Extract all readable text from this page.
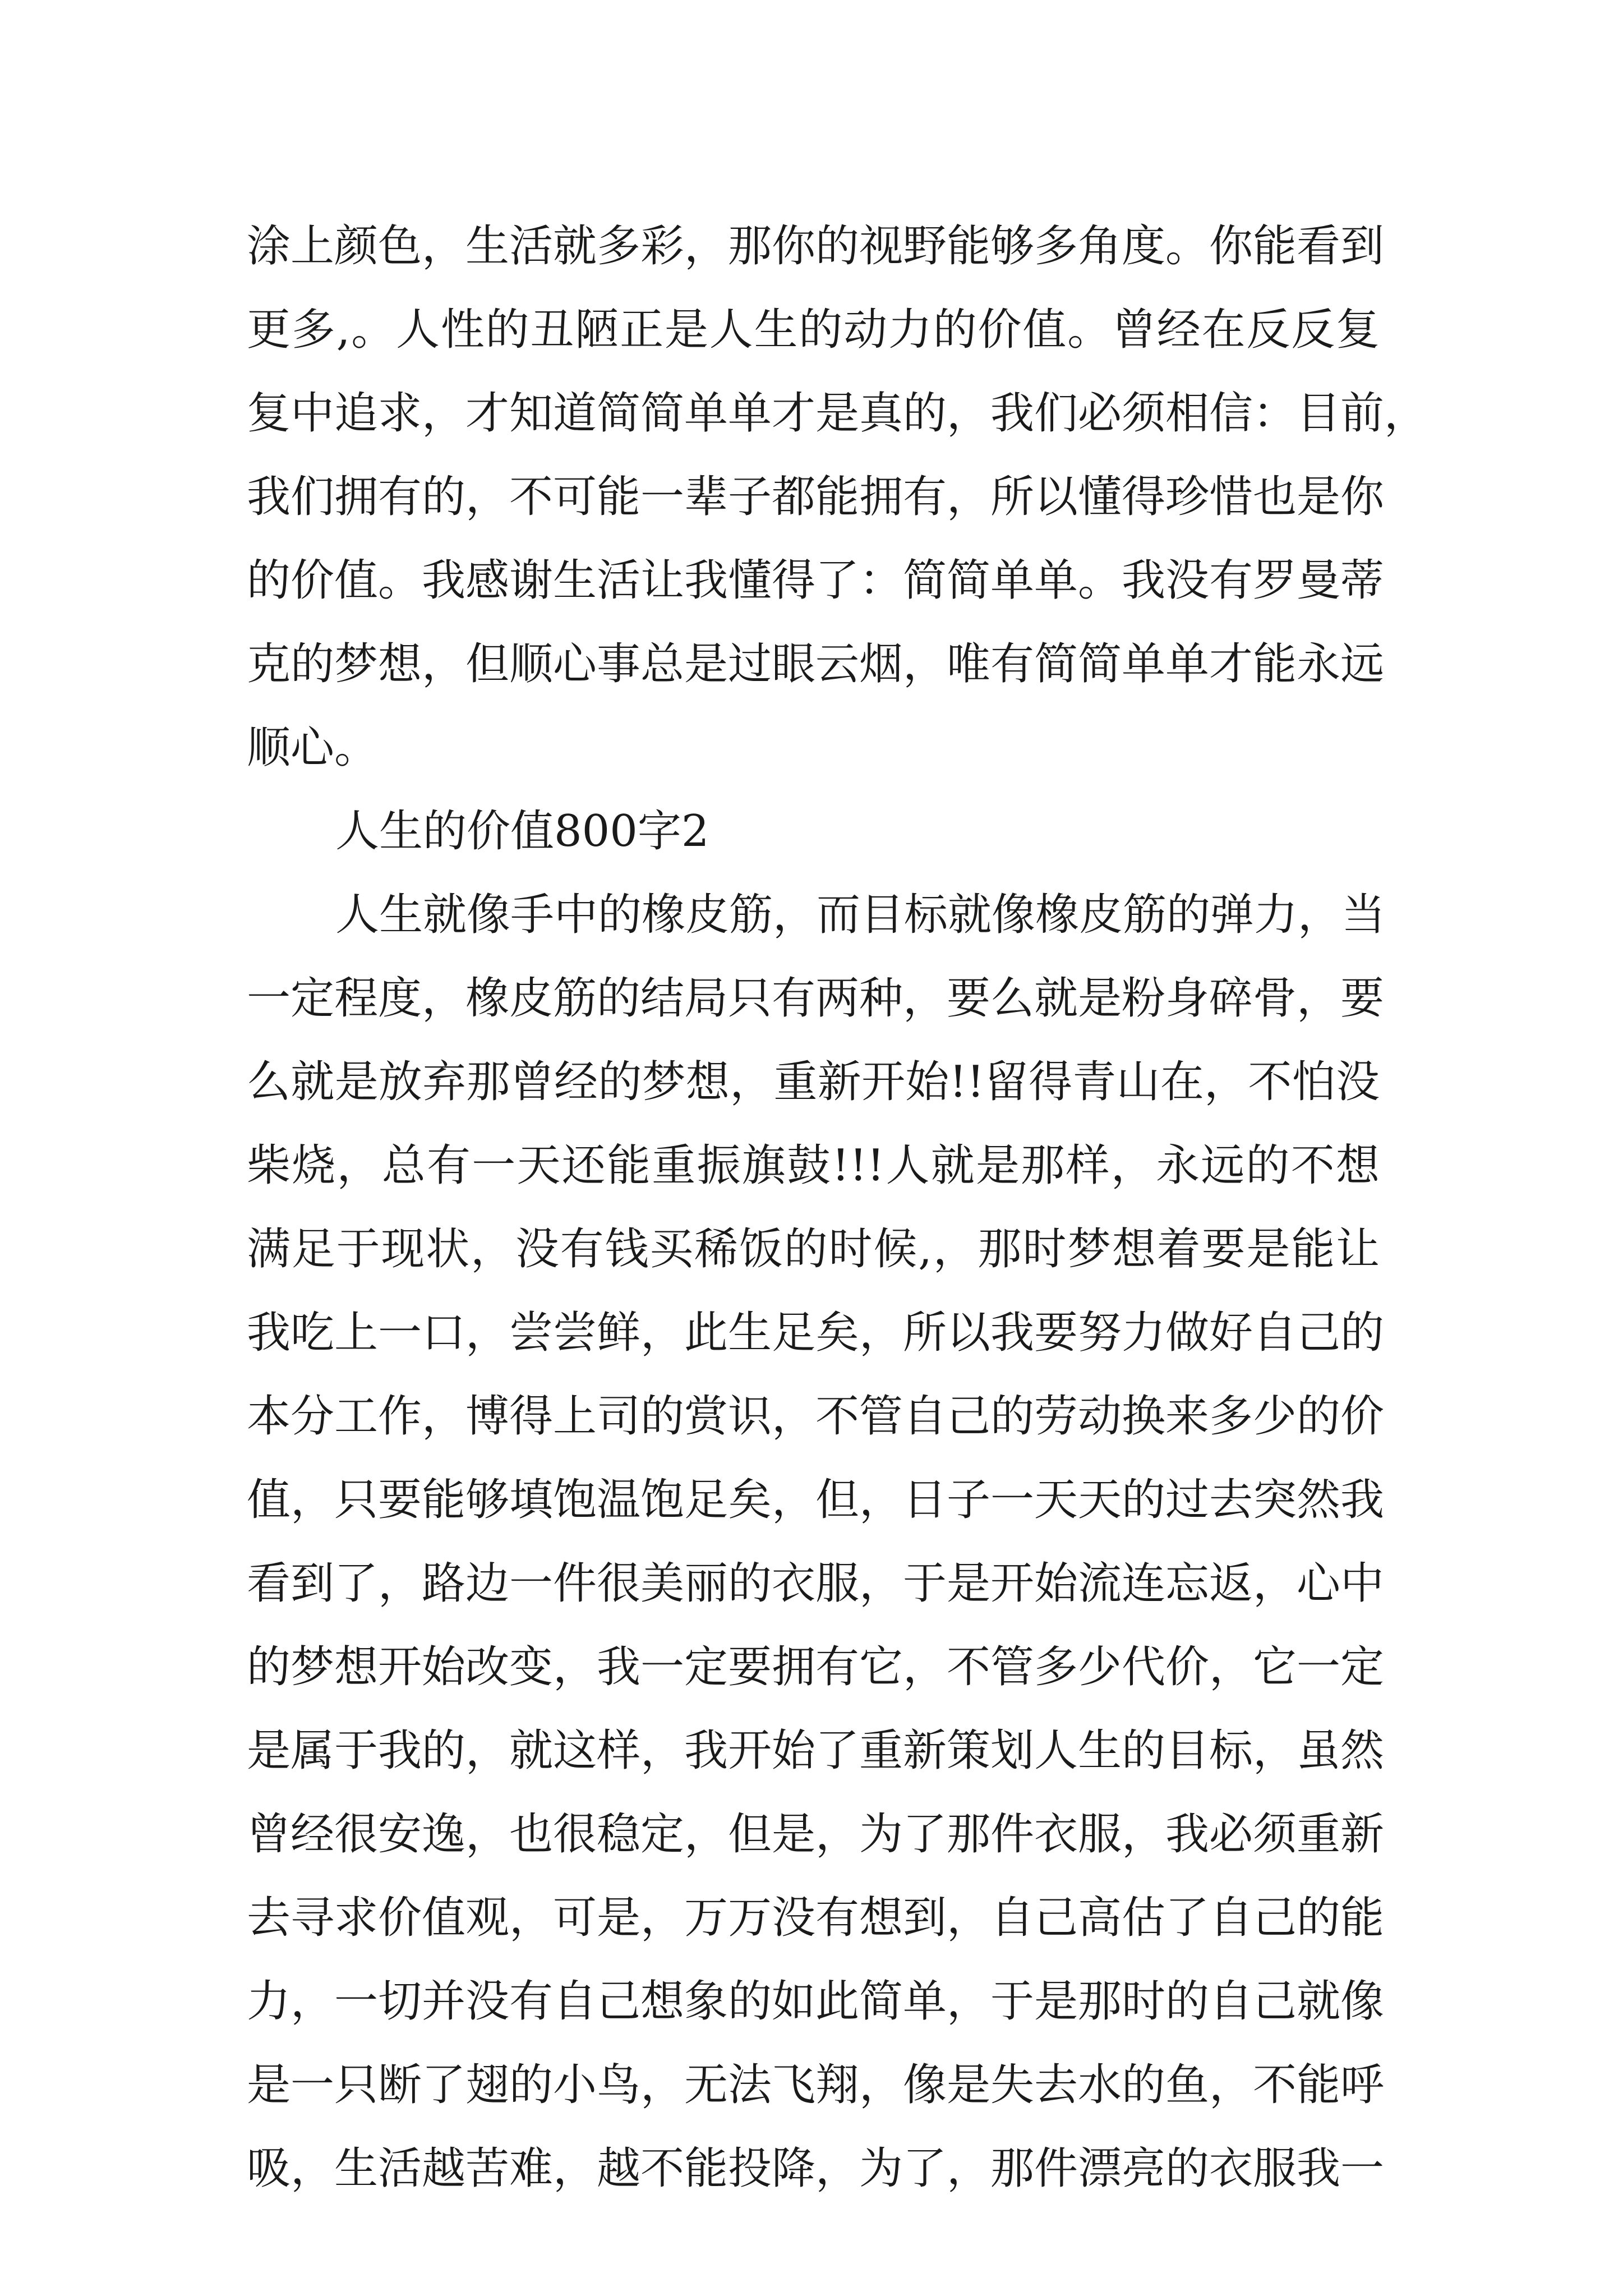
涂上颜色，生活就多彩，那你的视野能够多角度。你能看到
更多,。人性的丑陋正是人生的动力的价值。曾经在反反复
复中追求，才知道简简单单才是真的，我们必须相信：目前，
我们拥有的，不可能一辈子都能拥有，所以懂得珍惜也是你
的价值。我感谢生活让我懂得了：简简单单。我没有罗曼蒂
克的梦想，但顺心事总是过眼云烟，唯有简简单单才能永远
顺心。
人生的价值800字2
人生就像手中的橡皮筋，而目标就像橡皮筋的弹力，当
一定程度，橡皮筋的结局只有两种，要么就是粉身碎骨，要
么就是放弃那曾经的梦想，重新开始!!留得青山在，不怕没
柴烧，总有一天还能重振旗鼓!!!人就是那样，永远的不想
满足于现状，没有钱买稀饭的时候,，那时梦想着要是能让
我吃上一口，尝尝鲜，此生足矣，所以我要努力做好自己的
本分工作，博得上司的赏识，不管自己的劳动换来多少的价
值，只要能够填饱温饱足矣，但，日子一天天的过去突然我
看到了，路边一件很美丽的衣服，于是开始流连忘返，心中
的梦想开始改变，我一定要拥有它，不管多少代价，它一定
是属于我的，就这样，我开始了重新策划人生的目标，虽然
曾经很安逸，也很稳定，但是，为了那件衣服，我必须重新
去寻求价值观，可是，万万没有想到，自己高估了自己的能
力，一切并没有自己想象的如此简单，于是那时的自己就像
是一只断了翅的小鸟，无法飞翔，像是失去水的鱼，不能呼
吸，生活越苦难，越不能投降，为了，那件漂亮的衣服我一
